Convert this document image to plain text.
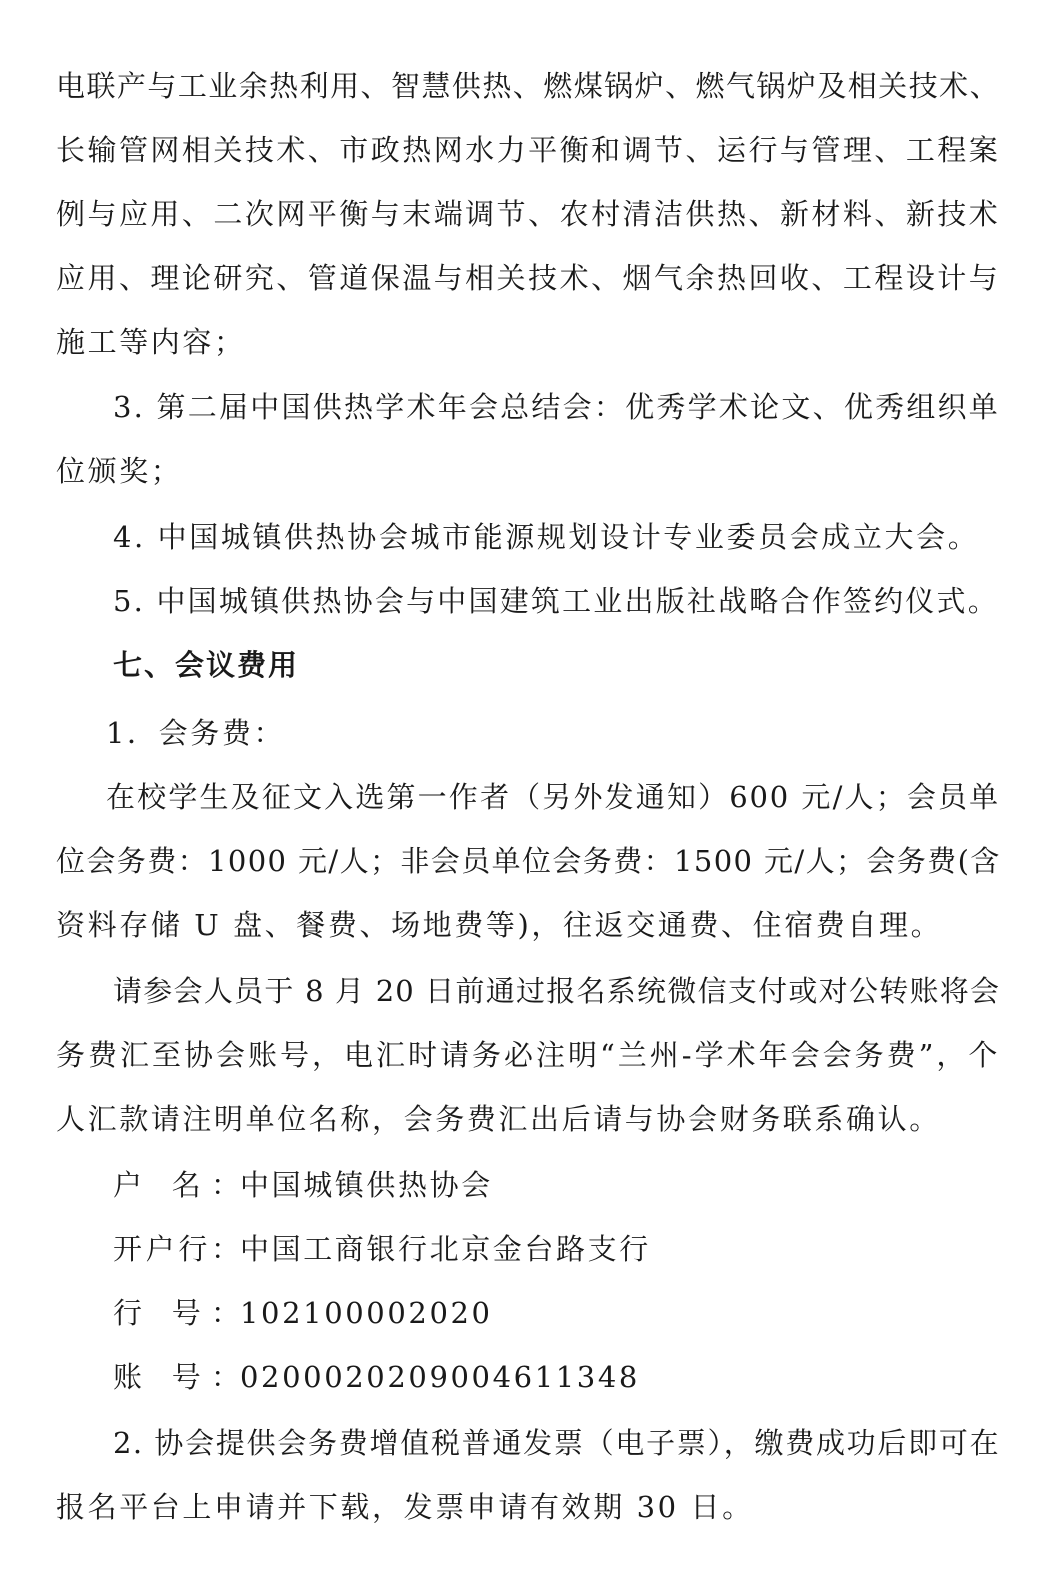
电联产与工业余热利用、智慧供热、燃煤锅炉、燃气锅炉及相关技术、
长输管网相关技术、市政热网水力平衡和调节、运行与管理、工程案
例与应用、二次网平衡与末端调节、农村清洁供热、新材料、新技术
应用、理论研究、管道保温与相关技术、烟气余热回收、工程设计与
施工等内容；
3. 第二届中国供热学术年会总结会：优秀学术论文、优秀组织单
位颁奖；
4. 中国城镇供热协会城市能源规划设计专业委员会成立大会。
5. 中国城镇供热协会与中国建筑工业出版社战略合作签约仪式。
七、会议费用
1．会务费：
在校学生及征文入选第一作者（另外发通知）600 元/人；会员单
位会务费：1000 元/人；非会员单位会务费：1500 元/人；会务费(含
资料存储 U 盘、餐费、场地费等)，往返交通费、住宿费自理。
请参会人员于 8 月 20 日前通过报名系统微信支付或对公转账将会
务费汇至协会账号，电汇时请务必注明“兰州-学术年会会务费”，个
人汇款请注明单位名称，会务费汇出后请与协会财务联系确认。
户 名：中国城镇供热协会
开户行：中国工商银行北京金台路支行
行 号：102100002020
账 号：0200020209004611348
2. 协会提供会务费增值税普通发票（电子票），缴费成功后即可在
报名平台上申请并下载，发票申请有效期 30 日。
